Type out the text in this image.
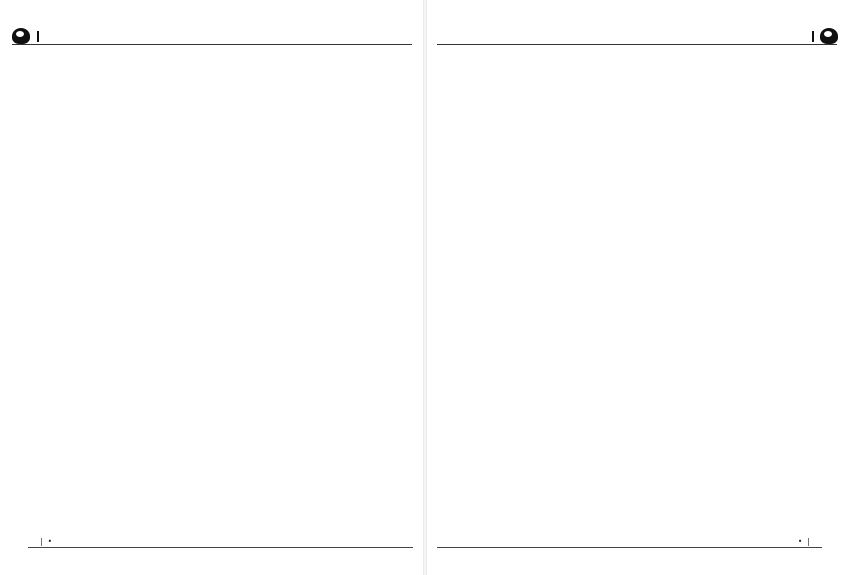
|
•	•
|
